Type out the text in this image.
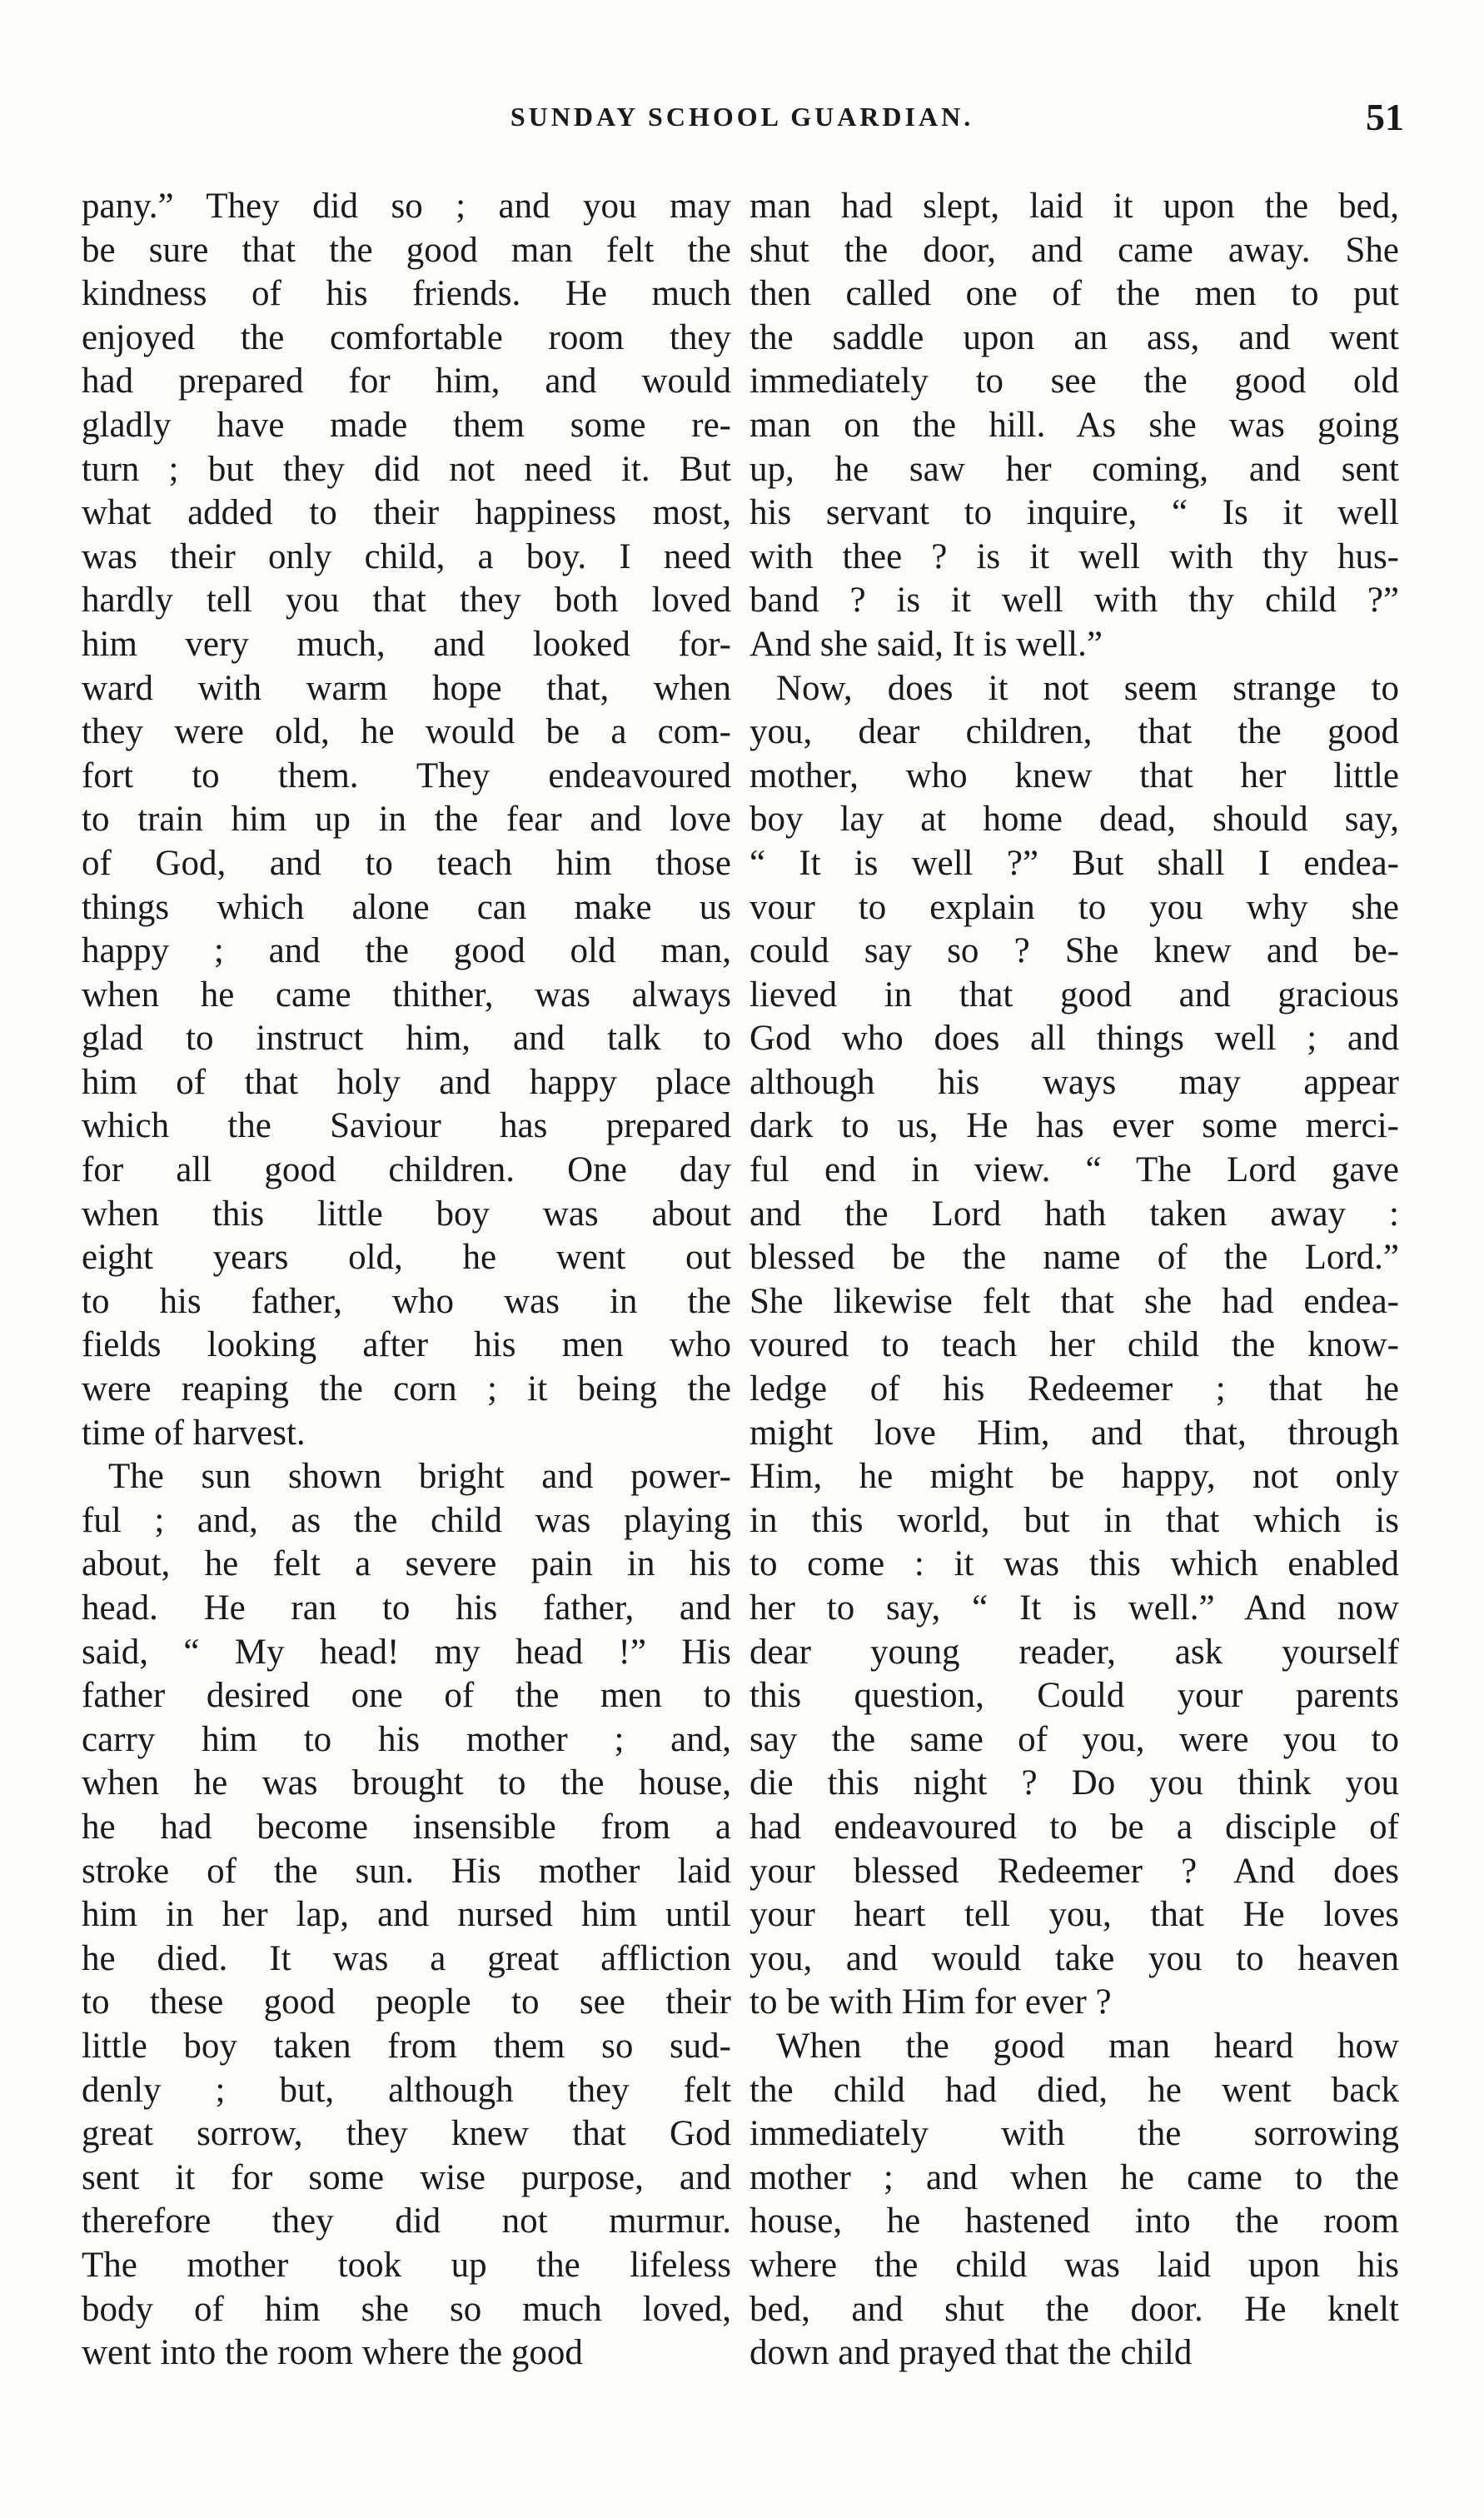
SUNDAY SCHOOL GUARDIAN.	51
pany.” They did so ; and you may
be sure that the good man felt the
kindness of his friends. He much
enjoyed the comfortable room they
had prepared for him, and would
gladly have made them some re-
turn ; but they did not need it. But
what added to their happiness most,
was their only child, a boy. I need
hardly tell you that they both loved
him very much, and looked for-
ward with warm hope that, when
they were old, he would be a com-
fort to them. They endeavoured
to train him up in the fear and love
of God, and to teach him those
things which alone can make us
happy ; and the good old man,
when he came thither, was always
glad to instruct him, and talk to
him of that holy and happy place
which the Saviour has prepared
for all good children. One day
when this little boy was about
eight years old, he went out
to his father, who was in the
fields looking after his men who
were reaping the corn ; it being the
time of harvest.
The sun shown bright and power-
ful ; and, as the child was playing
about, he felt a severe pain in his
head. He ran to his father, and
said, “ My head! my head !” His
father desired one of the men to
carry him to his mother ; and,
when he was brought to the house,
he had become insensible from a
stroke of the sun. His mother laid
him in her lap, and nursed him until
he died. It was a great affliction
to these good people to see their
little boy taken from them so sud-
denly ; but, although they felt
great sorrow, they knew that God
sent it for some wise purpose, and
therefore they did not murmur.
The mother took up the lifeless
body of him she so much loved,
went into the room where the good
man had slept, laid it upon the bed,
shut the door, and came away. She
then called one of the men to put
the saddle upon an ass, and went
immediately to see the good old
man on the hill. As she was going
up, he saw her coming, and sent
his servant to inquire, “ Is it well
with thee ? is it well with thy hus-
band ? is it well with thy child ?”
And she said, It is well.”
Now, does it not seem strange to
you, dear children, that the good
mother, who knew that her little
boy lay at home dead, should say,
“ It is well ?” But shall I endea-
vour to explain to you why she
could say so ? She knew and be-
lieved in that good and gracious
God who does all things well ; and
although his ways may appear
dark to us, He has ever some merci-
ful end in view. “ The Lord gave
and the Lord hath taken away :
blessed be the name of the Lord.”
She likewise felt that she had endea-
voured to teach her child the know-
ledge of his Redeemer ; that he
might love Him, and that, through
Him, he might be happy, not only
in this world, but in that which is
to come : it was this which enabled
her to say, “ It is well.” And now
dear young reader, ask yourself
this question, Could your parents
say the same of you, were you to
die this night ? Do you think you
had endeavoured to be a disciple of
your blessed Redeemer ? And does
your heart tell you, that He loves
you, and would take you to heaven
to be with Him for ever ?
When the good man heard how
the child had died, he went back
immediately with the sorrowing
mother ; and when he came to the
house, he hastened into the room
where the child was laid upon his
bed, and shut the door. He knelt
down and prayed that the child
